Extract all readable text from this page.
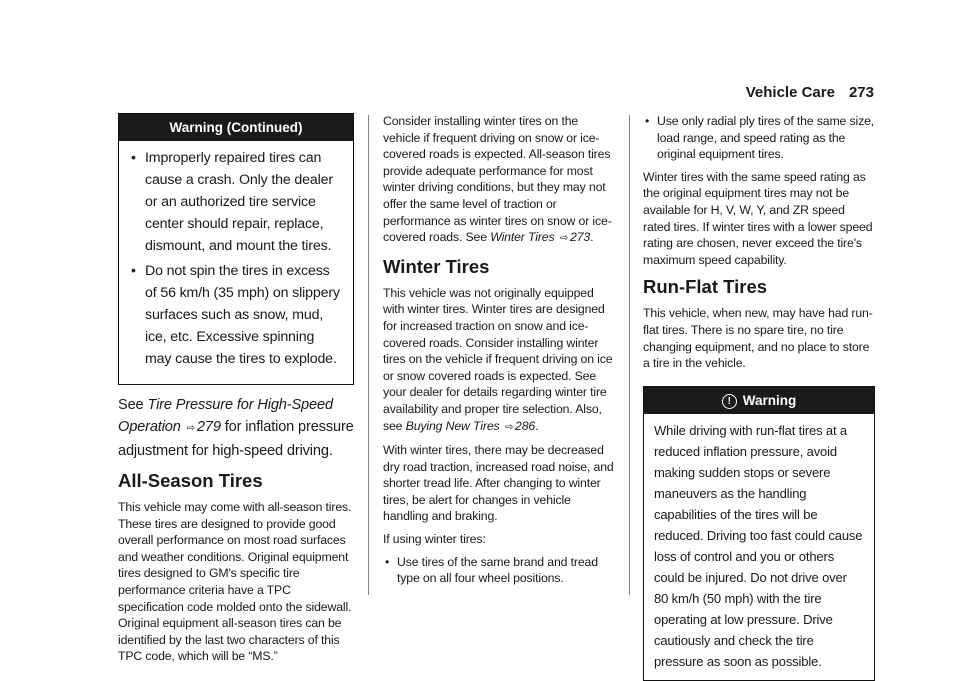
Vehicle Care 273
Warning (Continued)
• Improperly repaired tires can cause a crash. Only the dealer or an authorized tire service center should repair, replace, dismount, and mount the tires.
• Do not spin the tires in excess of 56 km/h (35 mph) on slippery surfaces such as snow, mud, ice, etc. Excessive spinning may cause the tires to explode.

See Tire Pressure for High-Speed Operation ⇨ 279 for inflation pressure adjustment for high-speed driving.

All-Season Tires

This vehicle may come with all-season tires. These tires are designed to provide good overall performance on most road surfaces and weather conditions. Original equipment tires designed to GM's specific tire performance criteria have a TPC specification code molded onto the sidewall. Original equipment all-season tires can be identified by the last two characters of this TPC code, which will be “MS.”

Consider installing winter tires on the vehicle if frequent driving on snow or ice-covered roads is expected. All-season tires provide adequate performance for most winter driving conditions, but they may not offer the same level of traction or performance as winter tires on snow or ice-covered roads. See Winter Tires ⇨ 273.

Winter Tires

This vehicle was not originally equipped with winter tires. Winter tires are designed for increased traction on snow and ice-covered roads. Consider installing winter tires on the vehicle if frequent driving on ice or snow covered roads is expected. See your dealer for details regarding winter tire availability and proper tire selection. Also, see Buying New Tires ⇨ 286.

With winter tires, there may be decreased dry road traction, increased road noise, and shorter tread life. After changing to winter tires, be alert for changes in vehicle handling and braking.

If using winter tires:

• Use tires of the same brand and tread type on all four wheel positions.
• Use only radial ply tires of the same size, load range, and speed rating as the original equipment tires.

Winter tires with the same speed rating as the original equipment tires may not be available for H, V, W, Y, and ZR speed rated tires. If winter tires with a lower speed rating are chosen, never exceed the tire's maximum speed capability.

Run-Flat Tires

This vehicle, when new, may have had run-flat tires. There is no spare tire, no tire changing equipment, and no place to store a tire in the vehicle.

! Warning

While driving with run-flat tires at a reduced inflation pressure, avoid making sudden stops or severe maneuvers as the handling capabilities of the tires will be reduced. Driving too fast could cause loss of control and you or others could be injured. Do not drive over 80 km/h (50 mph) with the tire operating at low pressure. Drive cautiously and check the tire pressure as soon as possible.
